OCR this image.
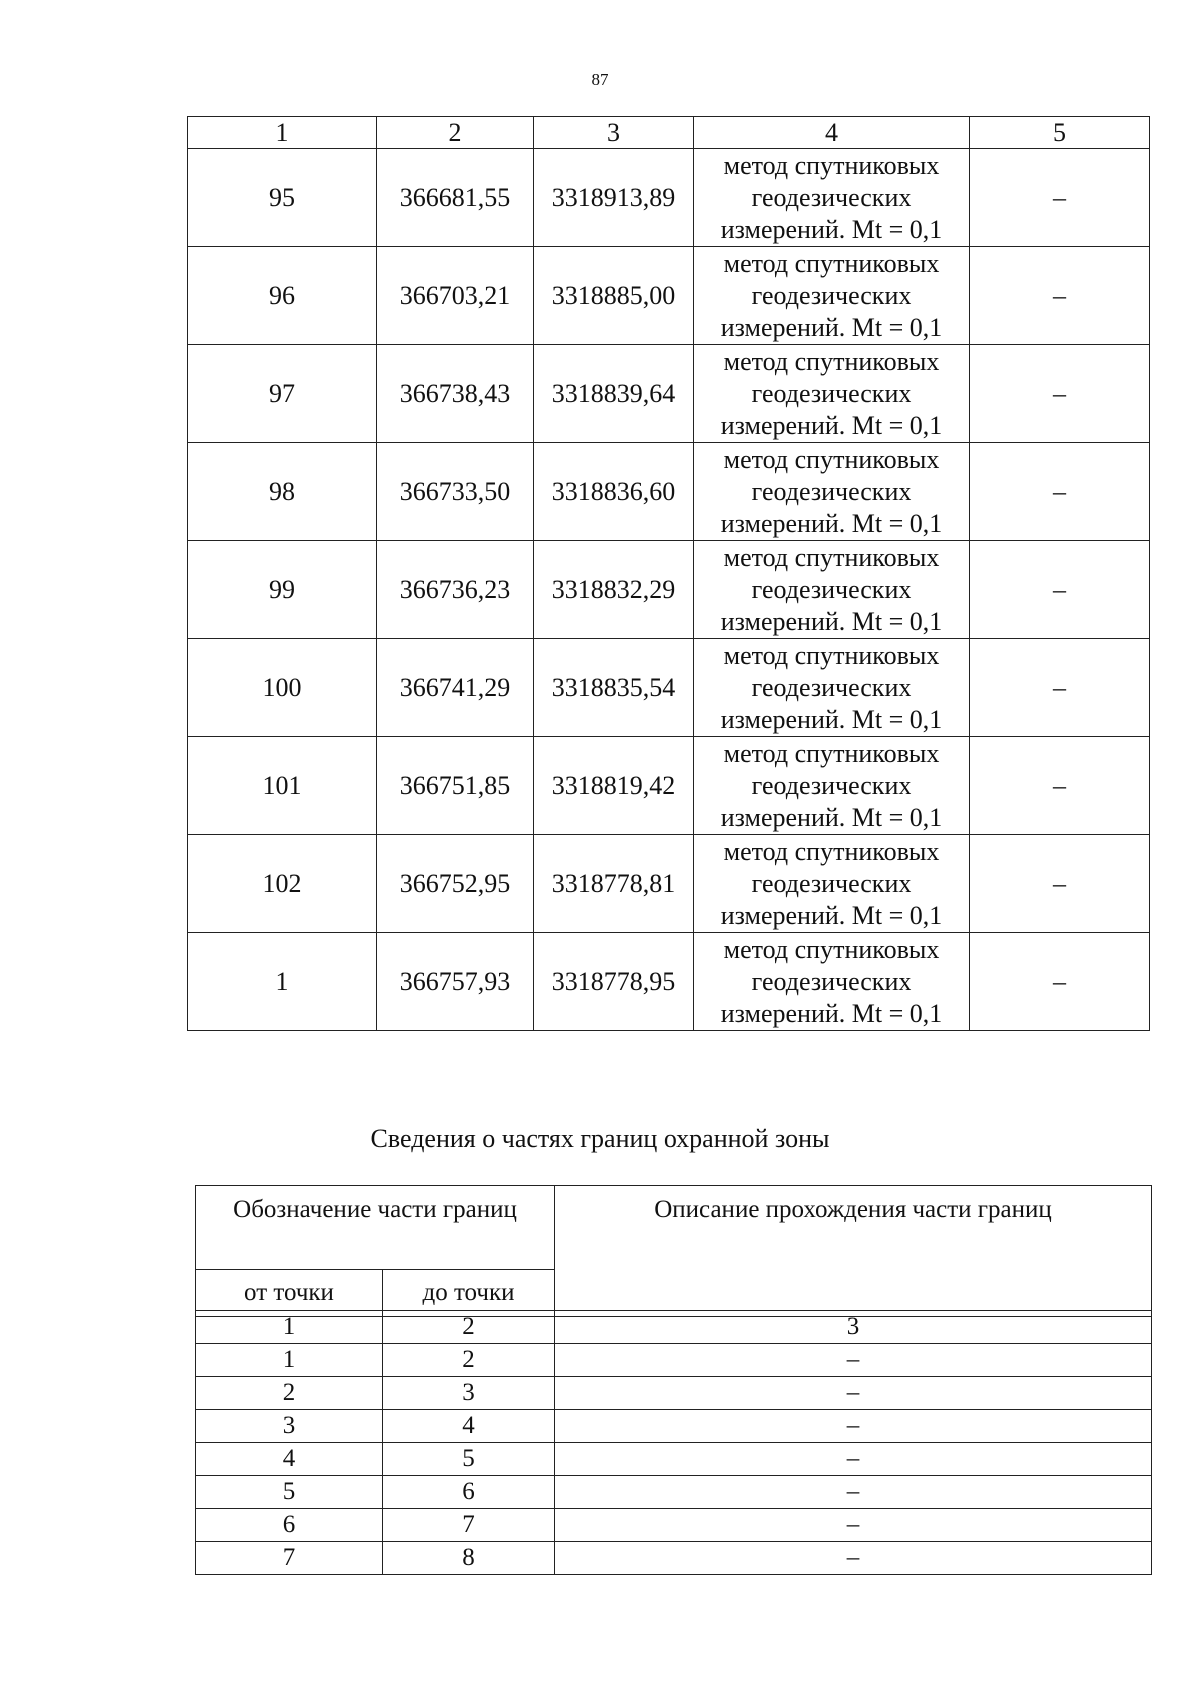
87
1	2	3	4	5
95	366681,55	3318913,89	метод спутниковых
геодезических
измерений. Mt = 0,1	–
96	366703,21	3318885,00	метод спутниковых
геодезических
измерений. Mt = 0,1	–
97	366738,43	3318839,64	метод спутниковых
геодезических
измерений. Mt = 0,1	–
98	366733,50	3318836,60	метод спутниковых
геодезических
измерений. Mt = 0,1	–
99	366736,23	3318832,29	метод спутниковых
геодезических
измерений. Mt = 0,1	–
100	366741,29	3318835,54	метод спутниковых
геодезических
измерений. Mt = 0,1	–
101	366751,85	3318819,42	метод спутниковых
геодезических
измерений. Mt = 0,1	–
102	366752,95	3318778,81	метод спутниковых
геодезических
измерений. Mt = 0,1	–
1	366757,93	3318778,95	метод спутниковых
геодезических
измерений. Mt = 0,1	–
Сведения о частях границ охранной зоны
Обозначение части границ		Описание прохождения части границ
от точки	до точки	
1	2	3
1	2	–
2	3	–
3	4	–
4	5	–
5	6	–
6	7	–
7	8	–
